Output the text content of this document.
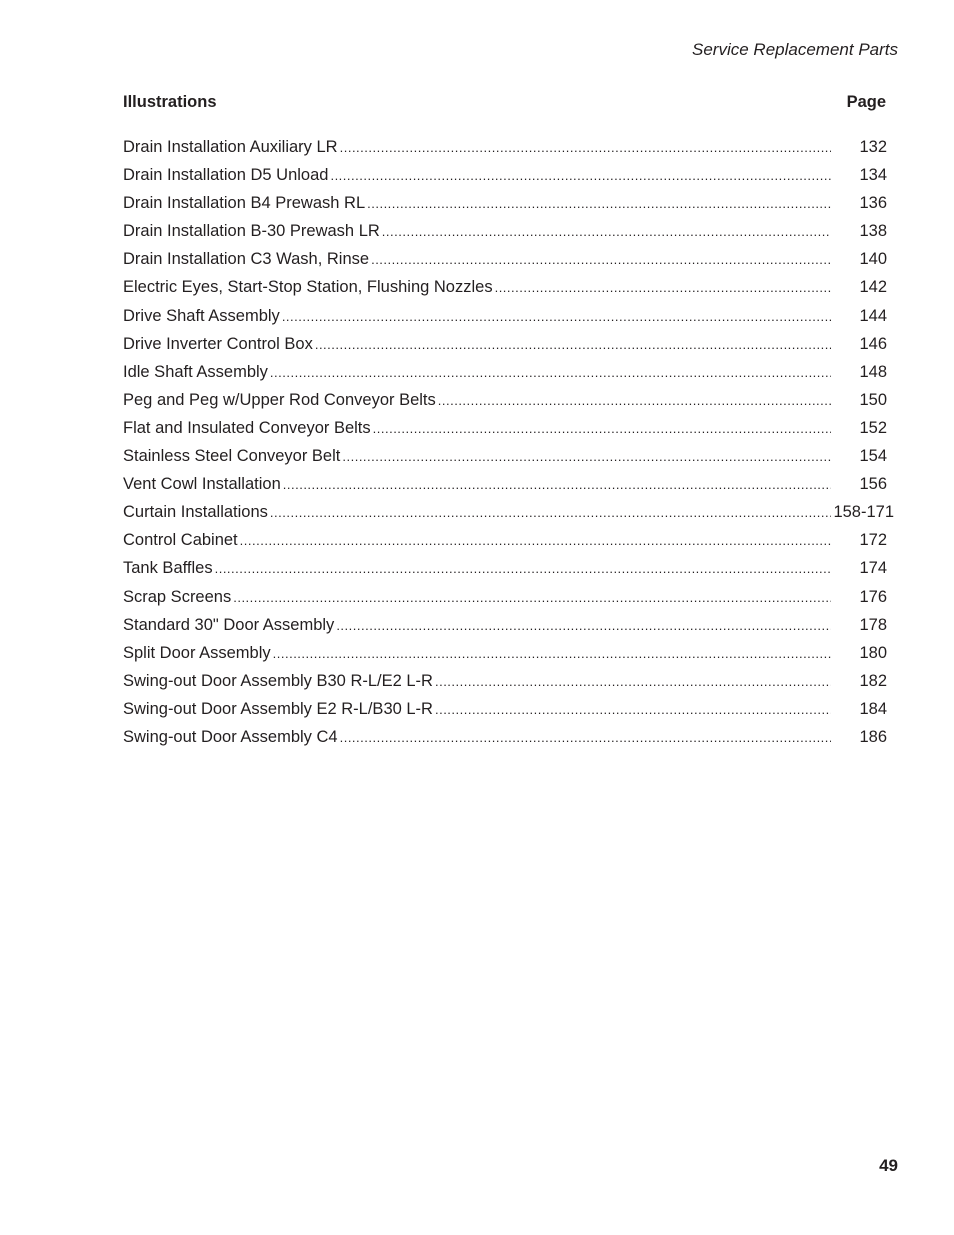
Service Replacement Parts
Illustrations	Page
Drain Installation Auxiliary LR .....	132
Drain Installation D5 Unload .....	134
Drain Installation B4 Prewash RL .....	136
Drain Installation B-30 Prewash LR .....	138
Drain Installation C3 Wash, Rinse .....	140
Electric Eyes, Start-Stop Station, Flushing Nozzles .....	142
Drive Shaft Assembly .....	144
Drive Inverter Control Box .....	146
Idle Shaft Assembly .....	148
Peg and Peg w/Upper Rod Conveyor Belts .....	150
Flat and Insulated Conveyor Belts .....	152
Stainless Steel Conveyor Belt .....	154
Vent Cowl Installation .....	156
Curtain Installations .....	158-171
Control Cabinet .....	172
Tank Baffles .....	174
Scrap Screens .....	176
Standard 30" Door Assembly .....	178
Split Door Assembly .....	180
Swing-out Door Assembly B30 R-L/E2 L-R .....	182
Swing-out Door Assembly E2 R-L/B30 L-R .....	184
Swing-out Door Assembly C4 .....	186
49
